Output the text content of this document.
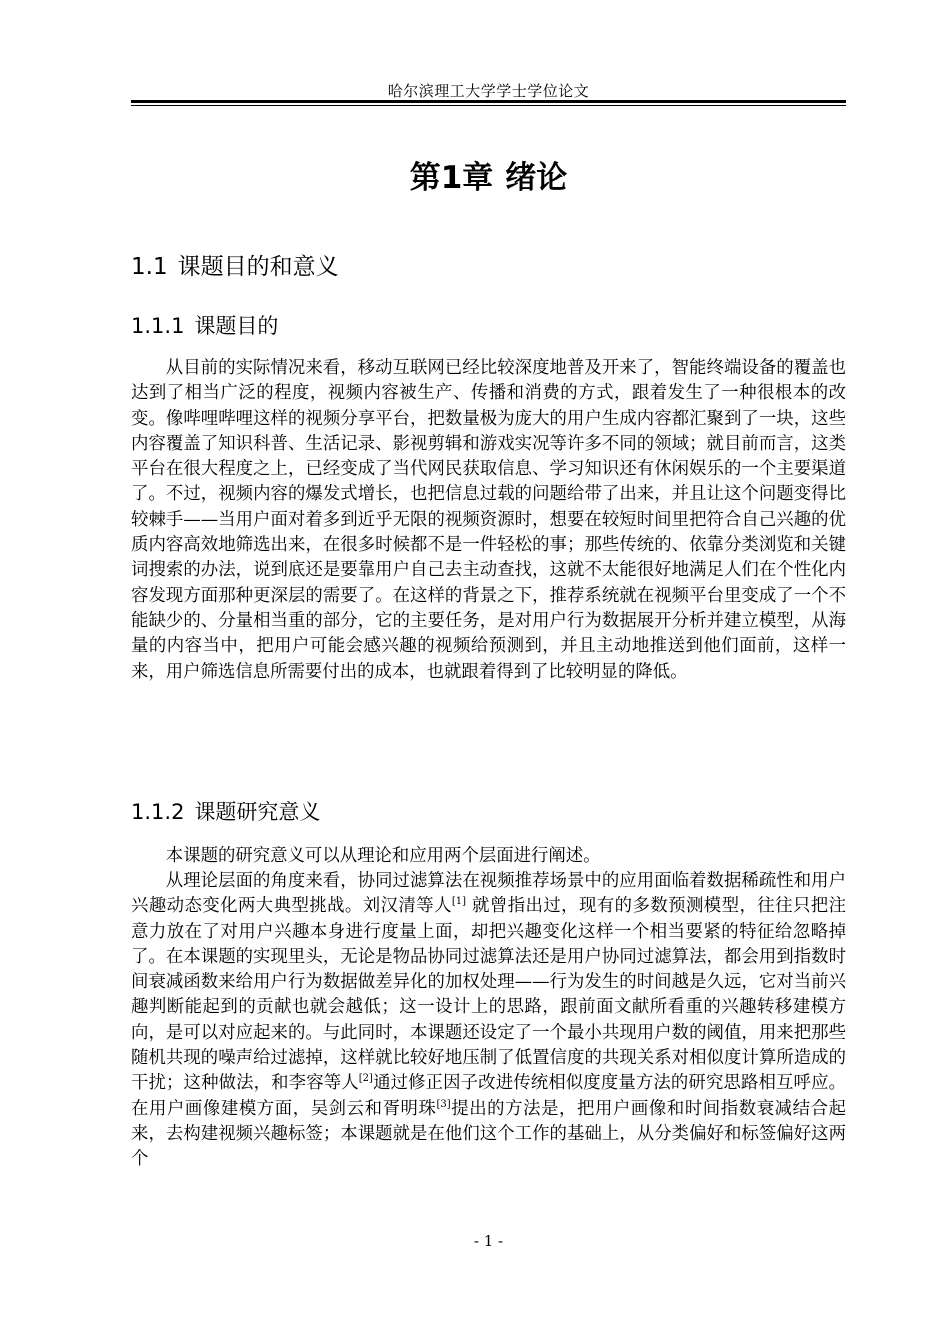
哈尔滨理工大学学士学位论文
第1章 绪论
1.1 课题目的和意义
1.1.1 课题目的

从目前的实际情况来看，移动互联网已经比较深度地普及开来了，智能终端设备的覆盖也达到了相当广泛的程度，视频内容被生产、传播和消费的方式，跟着发生了一种很根本的改变。像哔哩哔哩这样的视频分享平台，把数量极为庞大的用户生成内容都汇聚到了一块，这些内容覆盖了知识科普、生活记录、影视剪辑和游戏实况等许多不同的领域；就目前而言，这类平台在很大程度之上，已经变成了当代网民获取信息、学习知识还有休闲娱乐的一个主要渠道了。不过，视频内容的爆发式增长，也把信息过载的问题给带了出来，并且让这个问题变得比较棘手——当用户面对着多到近乎无限的视频资源时，想要在较短时间里把符合自己兴趣的优质内容高效地筛选出来，在很多时候都不是一件轻松的事；那些传统的、依靠分类浏览和关键词搜索的办法，说到底还是要靠用户自己去主动查找，这就不太能很好地满足人们在个性化内容发现方面那种更深层的需要了。在这样的背景之下，推荐系统就在视频平台里变成了一个不能缺少的、分量相当重的部分，它的主要任务，是对用户行为数据展开分析并建立模型，从海量的内容当中，把用户可能会感兴趣的视频给预测到，并且主动地推送到他们面前，这样一来，用户筛选信息所需要付出的成本，也就跟着得到了比较明显的降低。

1.1.2 课题研究意义

本课题的研究意义可以从理论和应用两个层面进行阐述。

从理论层面的角度来看，协同过滤算法在视频推荐场景中的应用面临着数据稀疏性和用户兴趣动态变化两大典型挑战。刘汉清等人[1] 就曾指出过，现有的多数预测模型，往往只把注意力放在了对用户兴趣本身进行度量上面，却把兴趣变化这样一个相当要紧的特征给忽略掉了。在本课题的实现里头，无论是物品协同过滤算法还是用户协同过滤算法，都会用到指数时间衰减函数来给用户行为数据做差异化的加权处理——行为发生的时间越是久远，它对当前兴趣判断能起到的贡献也就会越低；这一设计上的思路，跟前面文献所看重的兴趣转移建模方向，是可以对应起来的。与此同时，本课题还设定了一个最小共现用户数的阈值，用来把那些随机共现的噪声给过滤掉，这样就比较好地压制了低置信度的共现关系对相似度计算所造成的干扰；这种做法，和李容等人[2]通过修正因子改进传统相似度度量方法的研究思路相互呼应。在用户画像建模方面，吴剑云和胥明珠[3]提出的方法是，把用户画像和时间指数衰减结合起来，去构建视频兴趣标签；本课题就是在他们这个工作的基础上，从分类偏好和标签偏好这两个

- 1 -
